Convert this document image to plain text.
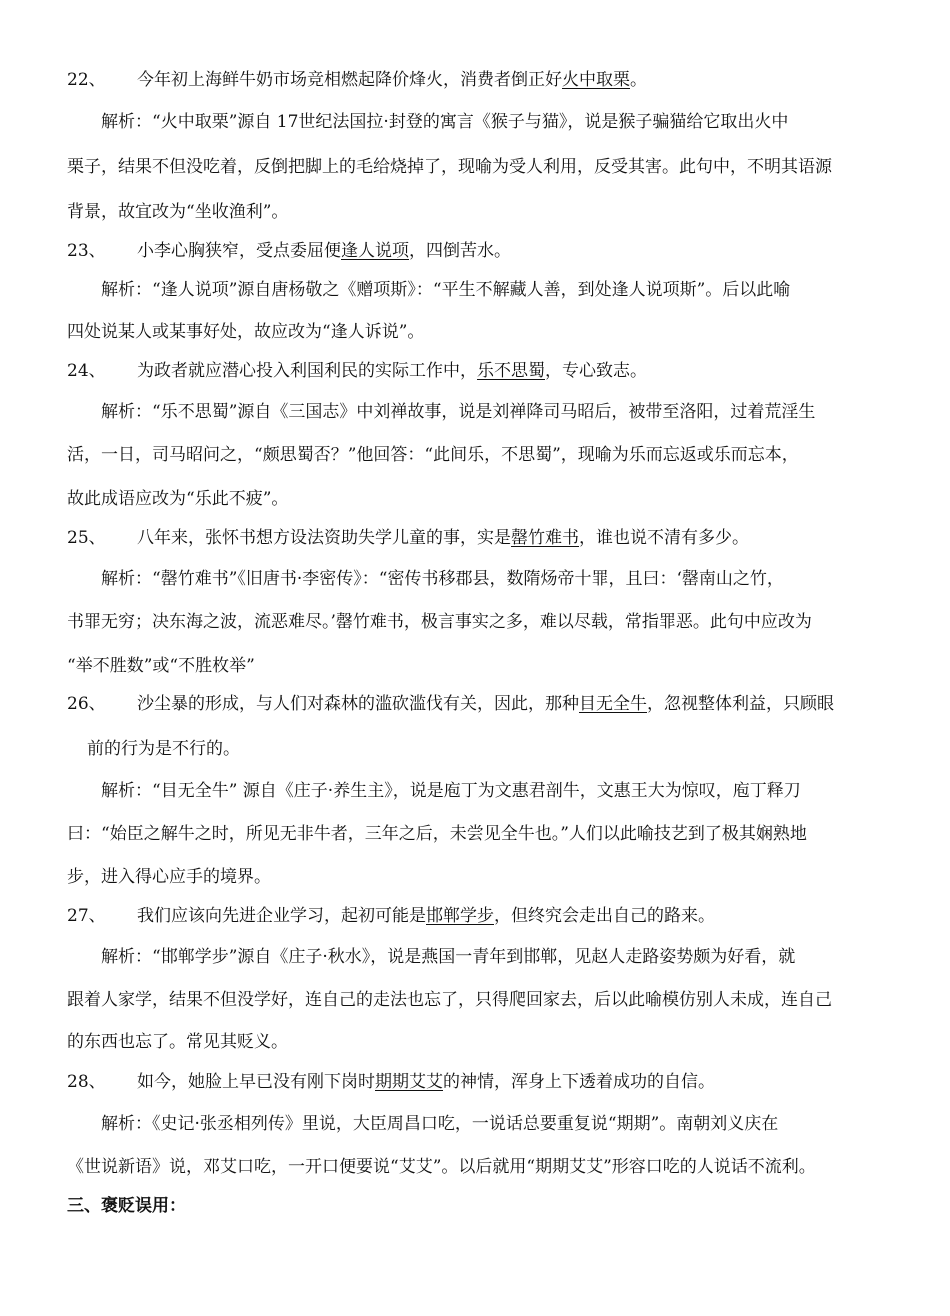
22、 今年初上海鲜牛奶市场竞相燃起降价烽火，消费者倒正好火中取栗。
解析：“火中取栗”源自 17世纪法国拉·封登的寓言《猴子与猫》，说是猴子骗猫给它取出火中
栗子，结果不但没吃着，反倒把脚上的毛给烧掉了，现喻为受人利用，反受其害。此句中，不明其语源
背景，故宜改为“坐收渔利”。
23、 小李心胸狭窄，受点委屈便逢人说项，四倒苦水。
解析：“逢人说项”源自唐杨敬之《赠项斯》：“平生不解藏人善，到处逢人说项斯”。后以此喻
四处说某人或某事好处，故应改为“逢人诉说”。
24、 为政者就应潜心投入利国利民的实际工作中，乐不思蜀，专心致志。
解析：“乐不思蜀”源自《三国志》中刘禅故事，说是刘禅降司马昭后，被带至洛阳，过着荒淫生
活，一日，司马昭问之，“颇思蜀否？”他回答：“此间乐，不思蜀”，现喻为乐而忘返或乐而忘本，
故此成语应改为“乐此不疲”。
25、 八年来，张怀书想方设法资助失学儿童的事，实是罄竹难书，谁也说不清有多少。
解析：“罄竹难书”《旧唐书·李密传》：“密传书移郡县，数隋炀帝十罪，且曰：‘罄南山之竹，
书罪无穷；决东海之波，流恶难尽。’罄竹难书，极言事实之多，难以尽载，常指罪恶。此句中应改为
“举不胜数”或“不胜枚举”
26、 沙尘暴的形成，与人们对森林的滥砍滥伐有关，因此，那种目无全牛，忽视整体利益，只顾眼
前的行为是不行的。
解析：“目无全牛” 源自《庄子·养生主》，说是庖丁为文惠君剖牛，文惠王大为惊叹，庖丁释刀
曰：“始臣之解牛之时，所见无非牛者，三年之后，未尝见全牛也。”人们以此喻技艺到了极其娴熟地
步，进入得心应手的境界。
27、 我们应该向先进企业学习，起初可能是邯郸学步，但终究会走出自己的路来。
解析：“邯郸学步”源自《庄子·秋水》，说是燕国一青年到邯郸，见赵人走路姿势颇为好看，就
跟着人家学，结果不但没学好，连自己的走法也忘了，只得爬回家去，后以此喻模仿别人未成，连自己
的东西也忘了。常见其贬义。
28、 如今，她脸上早已没有刚下岗时期期艾艾的神情，浑身上下透着成功的自信。
解析：《史记·张丞相列传》里说，大臣周昌口吃，一说话总要重复说“期期”。南朝刘义庆在
《世说新语》说，邓艾口吃，一开口便要说“艾艾”。以后就用“期期艾艾”形容口吃的人说话不流利。
三、褒贬误用：
